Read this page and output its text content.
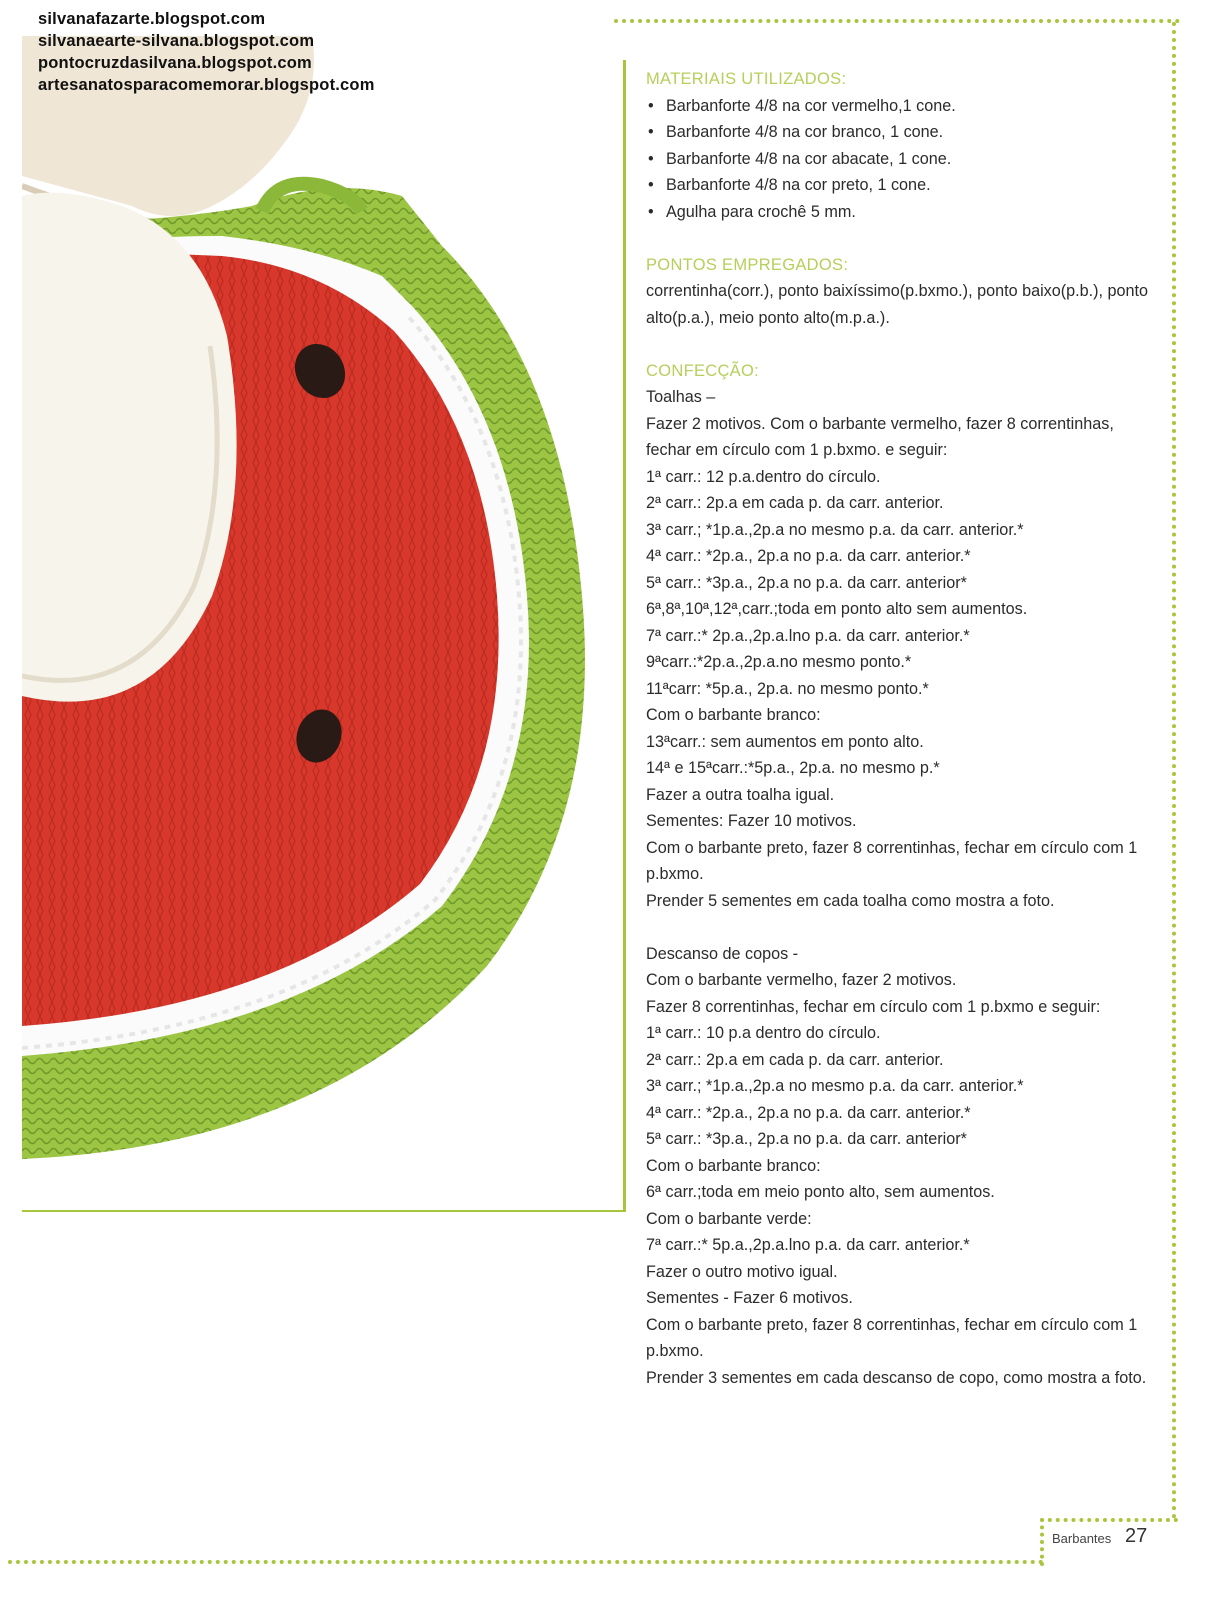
silvanafazarte.blogspot.com
silvanaearte-silvana.blogspot.com
pontocruzdasilvana.blogspot.com
artesanatosparacomemorar.blogspot.com
Barbantes 27
MATERIAIS UTILIZADOS:
• Barbanforte 4/8 na cor vermelho,1 cone.
• Barbanforte 4/8 na cor branco, 1 cone.
• Barbanforte 4/8 na cor abacate, 1 cone.
• Barbanforte 4/8 na cor preto, 1 cone.
• Agulha para crochê 5 mm.
PONTOS EMPREGADOS:
correntinha(corr.), ponto baixíssimo(p.bxmo.), ponto baixo(p.b.), ponto alto(p.a.), meio ponto alto(m.p.a.).
CONFECÇÃO:
Toalhas –
Fazer 2 motivos. Com o barbante vermelho, fazer 8 correntinhas, fechar em círculo com 1 p.bxmo. e seguir:
1ª carr.: 12 p.a.dentro do círculo.
2ª carr.: 2p.a em cada p. da carr. anterior.
3ª carr.; *1p.a.,2p.a no mesmo p.a. da carr. anterior.*
4ª carr.: *2p.a., 2p.a no p.a. da carr. anterior.*
5ª carr.: *3p.a., 2p.a no p.a. da carr. anterior*
6ª,8ª,10ª,12ª,carr.;toda em ponto alto sem aumentos.
7ª carr.:* 2p.a.,2p.a.lno p.a. da carr. anterior.*
9ªcarr.:*2p.a.,2p.a.no mesmo ponto.*
11ªcarr: *5p.a., 2p.a. no mesmo ponto.*
Com o barbante branco:
13ªcarr.: sem aumentos em ponto alto.
14ª e 15ªcarr.:*5p.a., 2p.a. no mesmo p.*
Fazer a outra toalha igual.
Sementes: Fazer 10 motivos.
Com o barbante preto, fazer 8 correntinhas, fechar em círculo com 1 p.bxmo.
Prender 5 sementes em cada toalha como mostra a foto.
Descanso de copos -
Com o barbante vermelho, fazer 2 motivos.
Fazer 8 correntinhas, fechar em círculo com 1 p.bxmo e seguir:
1ª carr.: 10 p.a dentro do círculo.
2ª carr.: 2p.a em cada p. da carr. anterior.
3ª carr.; *1p.a.,2p.a no mesmo p.a. da carr. anterior.*
4ª carr.: *2p.a., 2p.a no p.a. da carr. anterior.*
5ª carr.: *3p.a., 2p.a no p.a. da carr. anterior*
Com o barbante branco:
6ª carr.;toda em meio ponto alto, sem aumentos.
Com o barbante verde:
7ª carr.:* 5p.a.,2p.a.lno p.a. da carr. anterior.*
Fazer o outro motivo igual.
Sementes - Fazer 6 motivos.
Com o barbante preto, fazer 8 correntinhas, fechar em círculo com 1 p.bxmo.
Prender 3 sementes em cada descanso de copo, como mostra a foto.
